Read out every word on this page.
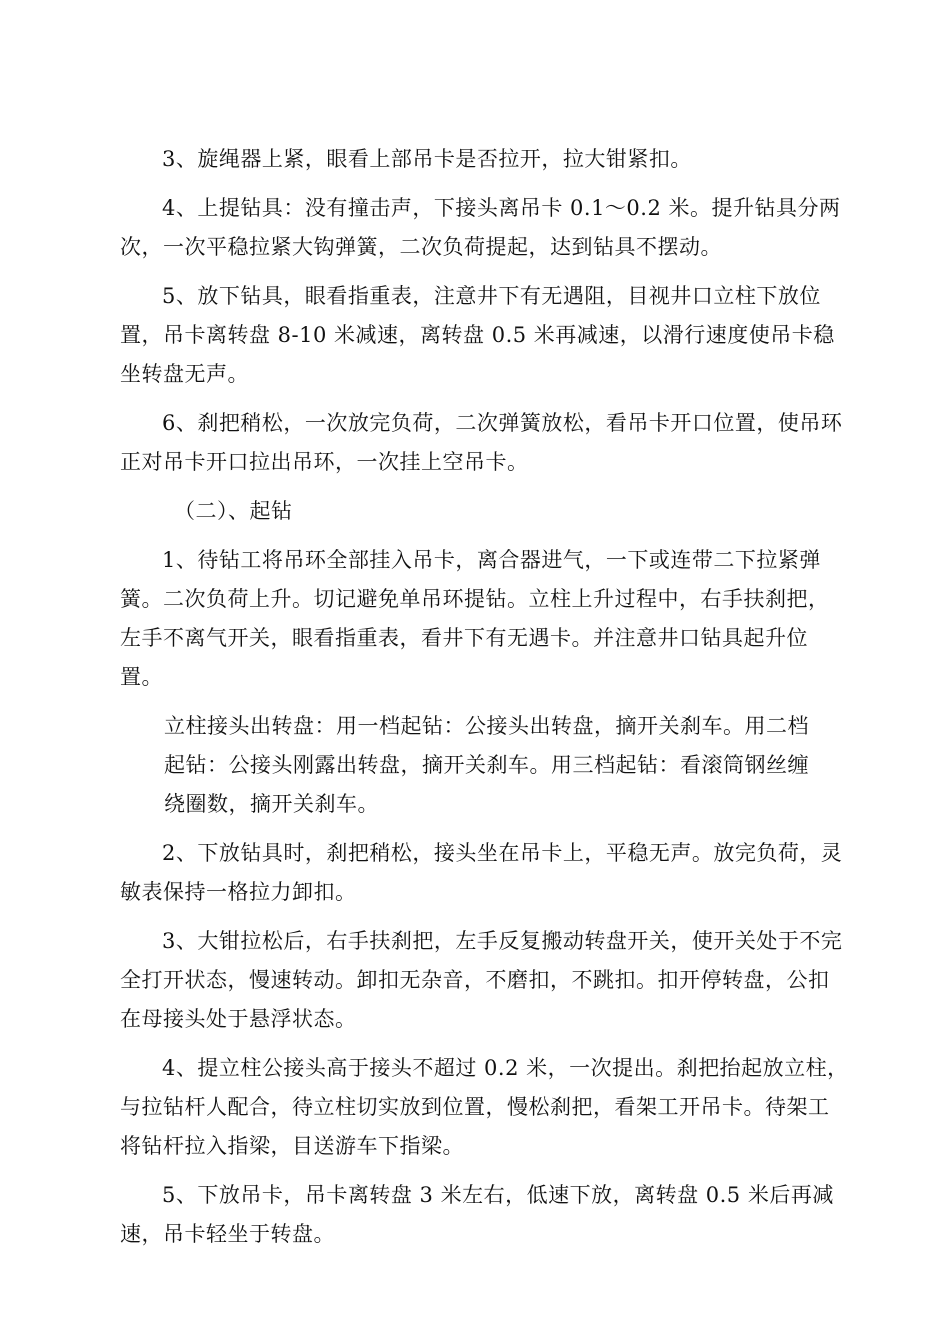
3、旋绳器上紧，眼看上部吊卡是否拉开，拉大钳紧扣。

4、上提钻具：没有撞击声，下接头离吊卡 0.1～0.2 米。提升钻具分两次，一次平稳拉紧大钩弹簧，二次负荷提起，达到钻具不摆动。

5、放下钻具，眼看指重表，注意井下有无遇阻，目视井口立柱下放位置，吊卡离转盘 8-10 米减速，离转盘 0.5 米再减速，以滑行速度使吊卡稳坐转盘无声。

6、刹把稍松，一次放完负荷，二次弹簧放松，看吊卡开口位置，使吊环正对吊卡开口拉出吊环，一次挂上空吊卡。

（二）、起钻

1、待钻工将吊环全部挂入吊卡，离合器进气，一下或连带二下拉紧弹簧。二次负荷上升。切记避免单吊环提钻。立柱上升过程中，右手扶刹把，左手不离气开关，眼看指重表，看井下有无遇卡。并注意井口钻具起升位置。

立柱接头出转盘：用一档起钻：公接头出转盘，摘开关刹车。用二档起钻：公接头刚露出转盘，摘开关刹车。用三档起钻：看滚筒钢丝缠绕圈数，摘开关刹车。

2、下放钻具时，刹把稍松，接头坐在吊卡上，平稳无声。放完负荷，灵敏表保持一格拉力卸扣。

3、大钳拉松后，右手扶刹把，左手反复搬动转盘开关，使开关处于不完全打开状态，慢速转动。卸扣无杂音，不磨扣，不跳扣。扣开停转盘，公扣在母接头处于悬浮状态。

4、提立柱公接头高于接头不超过 0.2 米，一次提出。刹把抬起放立柱，与拉钻杆人配合，待立柱切实放到位置，慢松刹把，看架工开吊卡。待架工将钻杆拉入指梁，目送游车下指梁。

5、下放吊卡，吊卡离转盘 3 米左右，低速下放，离转盘 0.5 米后再减速，吊卡轻坐于转盘。
